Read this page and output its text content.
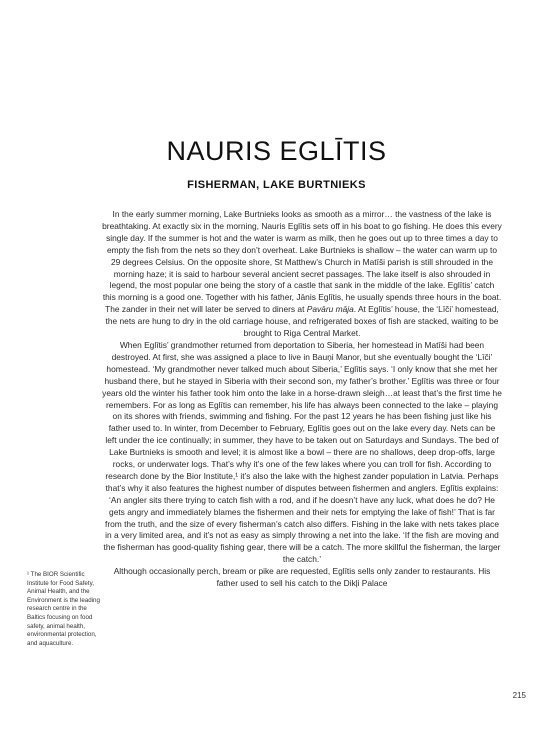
NAURIS EGLĪTIS
FISHERMAN, LAKE BURTNIEKS

In the early summer morning, Lake Burtnieks looks as smooth as a mirror… the vastness of the lake is breathtaking. At exactly six in the morning, Nauris Eglītis sets off in his boat to go fishing. He does this every single day. If the summer is hot and the water is warm as milk, then he goes out up to three times a day to empty the fish from the nets so they don’t overheat. Lake Burtnieks is shallow – the water can warm up to 29 degrees Celsius. On the opposite shore, St Matthew’s Church in Matīši parish is still shrouded in the morning haze; it is said to harbour several ancient secret passages. The lake itself is also shrouded in legend, the most popular one being the story of a castle that sank in the middle of the lake. Eglītis’ catch this morning is a good one. Together with his father, Jānis Eglītis, he usually spends three hours in the boat. The zander in their net will later be served to diners at Pavāru māja. At Eglītis’ house, the ‘Līči’ homestead, the nets are hung to dry in the old carriage house, and refrigerated boxes of fish are stacked, waiting to be brought to Riga Central Market.

When Eglītis’ grandmother returned from deportation to Siberia, her homestead in Matīši had been destroyed. At first, she was assigned a place to live in Bauņi Manor, but she eventually bought the ‘Līči’ homestead. ‘My grandmother never talked much about Siberia,’ Eglītis says. ‘I only know that she met her husband there, but he stayed in Siberia with their second son, my father’s brother.’ Eglītis was three or four years old the winter his father took him onto the lake in a horse-drawn sleigh…at least that’s the first time he remembers. For as long as Eglītis can remember, his life has always been connected to the lake – playing on its shores with friends, swimming and fishing. For the past 12 years he has been fishing just like his father used to. In winter, from December to February, Eglītis goes out on the lake every day. Nets can be left under the ice continually; in summer, they have to be taken out on Saturdays and Sundays. The bed of Lake Burtnieks is smooth and level; it is almost like a bowl – there are no shallows, deep drop-offs, large rocks, or underwater logs. That’s why it’s one of the few lakes where you can troll for fish. According to research done by the Bior Institute,¹ it’s also the lake with the highest zander population in Latvia. Perhaps that’s why it also features the highest number of disputes between fishermen and anglers. Eglītis explains: ‘An angler sits there trying to catch fish with a rod, and if he doesn’t have any luck, what does he do? He gets angry and immediately blames the fishermen and their nets for emptying the lake of fish!’ That is far from the truth, and the size of every fisherman’s catch also differs. Fishing in the lake with nets takes place in a very limited area, and it’s not as easy as simply throwing a net into the lake. ‘If the fish are moving and the fisherman has good-quality fishing gear, there will be a catch. The more skillful the fisherman, the larger the catch.’

Although occasionally perch, bream or pike are requested, Eglītis sells only zander to restaurants. His father used to sell his catch to the Dikļi Palace

¹ The BIOR Scientific Institute for Food Safety, Animal Health, and the Environment is the leading research centre in the Baltics focusing on food safety, animal health, environmental protection, and aquaculture.
215
